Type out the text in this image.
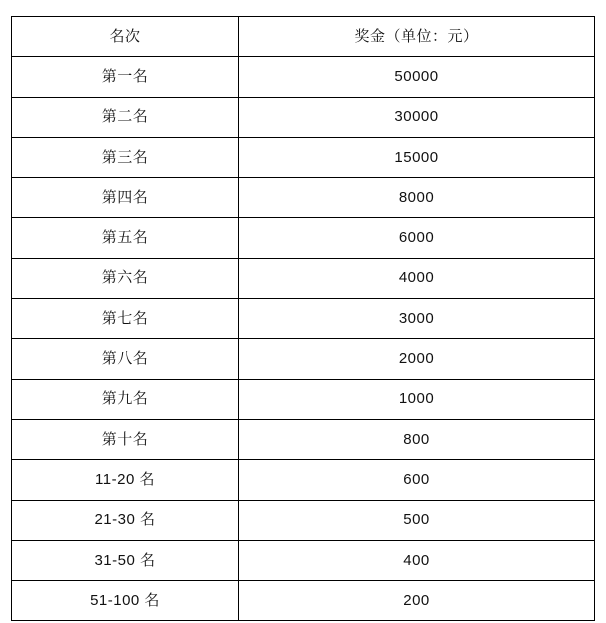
名次	奖金（单位：元）
第一名	50000
第二名	30000
第三名	15000
第四名	8000
第五名	6000
第六名	4000
第七名	3000
第八名	2000
第九名	1000
第十名	800
11-20 名	600
21-30 名	500
31-50 名	400
51-100 名	200
